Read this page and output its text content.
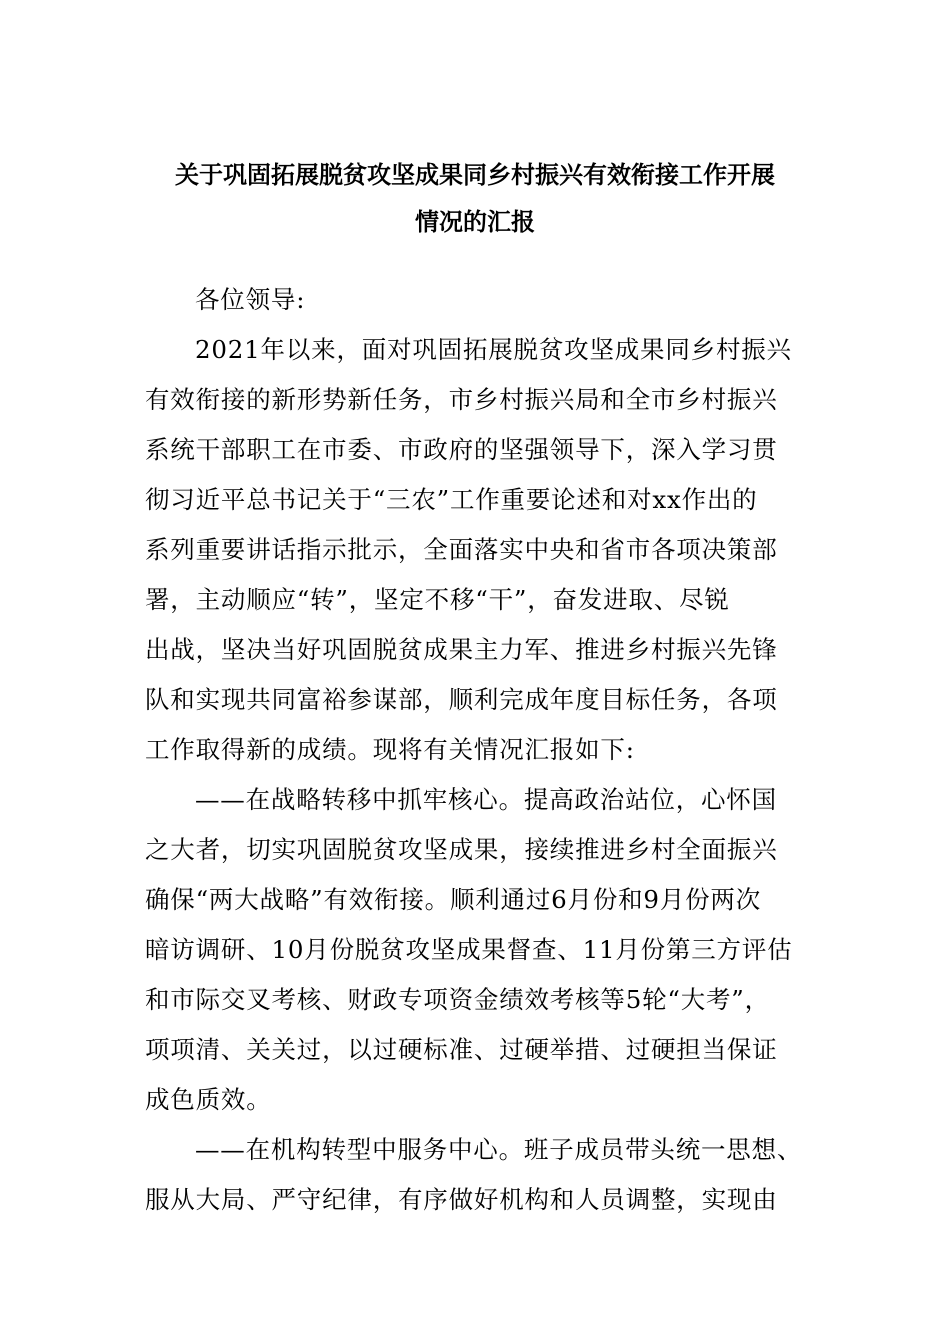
关于巩固拓展脱贫攻坚成果同乡村振兴有效衔接工作开展
情况的汇报
各位领导:
2021年以来，面对巩固拓展脱贫攻坚成果同乡村振兴
有效衔接的新形势新任务，市乡村振兴局和全市乡村振兴
系统干部职工在市委、市政府的坚强领导下，深入学习贯
彻习近平总书记关于“三农”工作重要论述和对xx作出的
系列重要讲话指示批示，全面落实中央和省市各项决策部
署，主动顺应“转”，坚定不移“干”，奋发进取、尽锐
出战，坚决当好巩固脱贫成果主力军、推进乡村振兴先锋
队和实现共同富裕参谋部，顺利完成年度目标任务，各项
工作取得新的成绩。现将有关情况汇报如下:
——在战略转移中抓牢核心。提高政治站位，心怀国
之大者，切实巩固脱贫攻坚成果，接续推进乡村全面振兴
确保“两大战略”有效衔接。顺利通过6月份和9月份两次
暗访调研、10月份脱贫攻坚成果督查、11月份第三方评估
和市际交叉考核、财政专项资金绩效考核等5轮“大考”，
项项清、关关过，以过硬标准、过硬举措、过硬担当保证
成色质效。
——在机构转型中服务中心。班子成员带头统一思想、
服从大局、严守纪律，有序做好机构和人员调整，实现由
